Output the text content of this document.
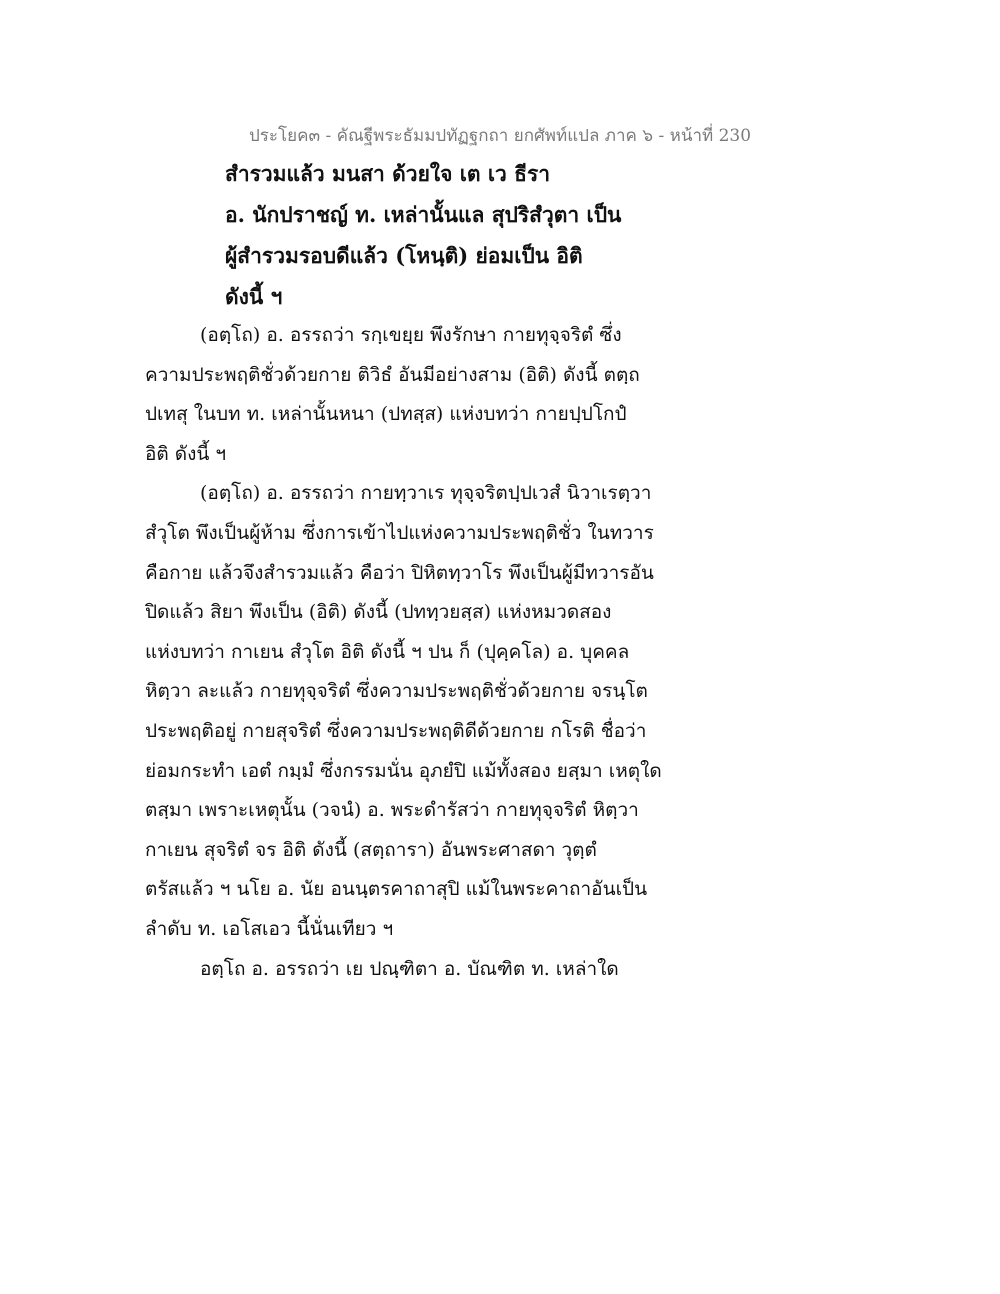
ประโยค๓ - คัณฐีพระธัมมปทัฏฐกถา ยกศัพท์แปล ภาค ๖ - หน้าที่ 230
สำรวมแล้ว มนสา ด้วยใจ เต เว ธีรา
อ. นักปราชญ์ ท. เหล่านั้นแล สุปริสํวุตา เป็น
ผู้สำรวมรอบดีแล้ว (โหนฺติ) ย่อมเป็น อิติ
ดังนี้ ฯ
(อตฺโถ) อ. อรรถว่า รกฺเขยฺย พึงรักษา กายทุจฺจริตํ ซึ่ง
ความประพฤติชั่วด้วยกาย ติวิธํ อันมีอย่างสาม (อิติ) ดังนี้ ตตฺถ
ปเทสุ ในบท ท. เหล่านั้นหนา (ปทสฺส) แห่งบทว่า กายปฺปโกปํ
อิติ ดังนี้ ฯ
(อตฺโถ) อ. อรรถว่า กายทฺวาเร ทุจฺจริตปฺปเวสํ นิวาเรตฺวา
สํวุโต พึงเป็นผู้ห้าม ซึ่งการเข้าไปแห่งความประพฤติชั่ว ในทวาร
คือกาย แล้วจึงสำรวมแล้ว คือว่า ปิหิตทฺวาโร พึงเป็นผู้มีทวารอัน
ปิดแล้ว สิยา พึงเป็น (อิติ) ดังนี้ (ปททฺวยสฺส) แห่งหมวดสอง
แห่งบทว่า กาเยน สํวุโต อิติ ดังนี้ ฯ ปน ก็ (ปุคฺคโล) อ. บุคคล
หิตฺวา ละแล้ว กายทุจฺจริตํ ซึ่งความประพฤติชั่วด้วยกาย จรนฺโต
ประพฤติอยู่ กายสุจริตํ ซึ่งความประพฤติดีด้วยกาย กโรติ ชื่อว่า
ย่อมกระทำ เอตํ กมฺมํ ซึ่งกรรมนั่น อุภยํปิ แม้ทั้งสอง ยสฺมา เหตุใด
ตสฺมา เพราะเหตุนั้น (วจนํ) อ. พระดำรัสว่า กายทุจฺจริตํ หิตฺวา
กาเยน สุจริตํ จร อิติ ดังนี้ (สตฺถารา) อันพระศาสดา วุตฺตํ
ตรัสแล้ว ฯ นโย อ. นัย อนนฺตรคาถาสุปิ แม้ในพระคาถาอันเป็น
ลำดับ ท. เอโสเอว นี้นั่นเทียว ฯ
อตฺโถ อ. อรรถว่า เย ปณฺฑิตา อ. บัณฑิต ท. เหล่าใด
